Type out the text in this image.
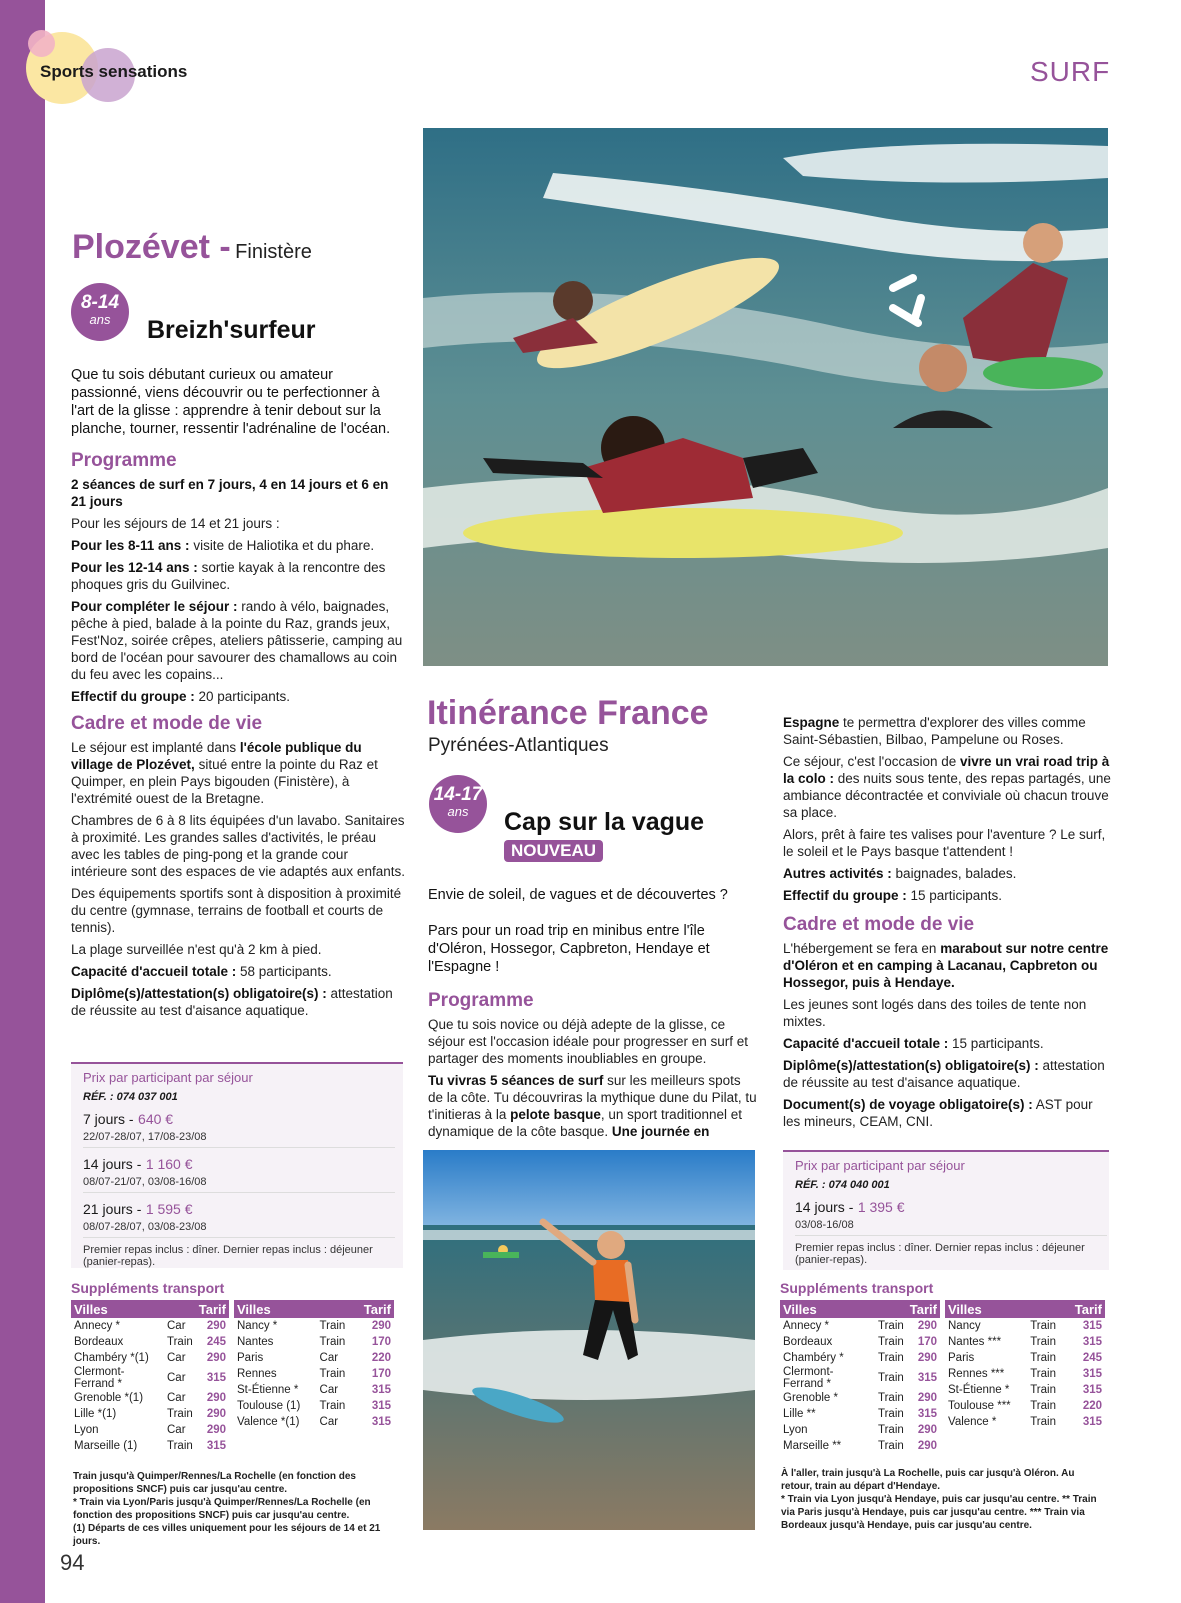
Sports sensations	SURF
Plozévet - Finistère
8-14
ans	Breizh'surfeur
Que tu sois débutant curieux ou amateur passionné, viens découvrir ou te perfectionner à l'art de la glisse : apprendre à tenir debout sur la planche, tourner, ressentir l'adrénaline de l'océan.
Programme

2 séances de surf en 7 jours, 4 en 14 jours et 6 en 21 jours

Pour les séjours de 14 et 21 jours :

Pour les 8-11 ans : visite de Haliotika et du phare.

Pour les 12-14 ans : sortie kayak à la rencontre des phoques gris du Guilvinec.

Pour compléter le séjour : rando à vélo, baignades, pêche à pied, balade à la pointe du Raz, grands jeux, Fest'Noz, soirée crêpes, ateliers pâtisserie, camping au bord de l'océan pour savourer des chamallows au coin du feu avec les copains...

Effectif du groupe : 20 participants.

Cadre et mode de vie

Le séjour est implanté dans l'école publique du village de Plozévet, situé entre la pointe du Raz et Quimper, en plein Pays bigouden (Finistère), à l'extrémité ouest de la Bretagne.

Chambres de 6 à 8 lits équipées d'un lavabo. Sanitaires à proximité. Les grandes salles d'activités, le préau avec les tables de ping-pong et la grande cour intérieure sont des espaces de vie adaptés aux enfants.

Des équipements sportifs sont à disposition à proximité du centre (gymnase, terrains de football et courts de tennis).

La plage surveillée n'est qu'à 2 km à pied.

Capacité d'accueil totale : 58 participants.

Diplôme(s)/attestation(s) obligatoire(s) : attestation de réussite au test d'aisance aquatique.

Prix par participant par séjour
RÉF. : 074 037 001
7 jours - 640 €
22/07-28/07, 17/08-23/08
14 jours - 1 160 €
08/07-21/07, 03/08-16/08
21 jours - 1 595 €
08/07-28/07, 03/08-23/08
Premier repas inclus : dîner. Dernier repas inclus : déjeuner (panier-repas).
Suppléments transport
Villes		Tarif
Annecy *	Car	290
Bordeaux	Train	245
Chambéry *(1)	Car	290
Clermont-Ferrand *	Car	315
Grenoble *(1)	Car	290
Lille *(1)	Train	290
Lyon	Car	290
Marseille (1)	Train	315
Villes		Tarif
Nancy *	Train	290
Nantes	Train	170
Paris	Car	220
Rennes	Train	170
St-Étienne *	Car	315
Toulouse (1)	Train	315
Valence *(1)	Car	315
Train jusqu'à Quimper/Rennes/La Rochelle (en fonction des propositions SNCF) puis car jusqu'au centre.
* Train via Lyon/Paris jusqu'à Quimper/Rennes/La Rochelle (en fonction des propositions SNCF) puis car jusqu'au centre.
(1) Départs de ces villes uniquement pour les séjours de 14 et 21 jours.
Itinérance France
Pyrénées-Atlantiques
14-17
ans	Cap sur la vague
NOUVEAU
Envie de soleil, de vagues et de découvertes ?
Pars pour un road trip en minibus entre l'île d'Oléron, Hossegor, Capbreton, Hendaye et l'Espagne !
Programme

Que tu sois novice ou déjà adepte de la glisse, ce séjour est l'occasion idéale pour progresser en surf et partager des moments inoubliables en groupe.

Tu vivras 5 séances de surf sur les meilleurs spots de la côte. Tu découvriras la mythique dune du Pilat, tu t'initieras à la pelote basque, un sport traditionnel et dynamique de la côte basque. Une journée en

Espagne te permettra d'explorer des villes comme Saint-Sébastien, Bilbao, Pampelune ou Roses.

Ce séjour, c'est l'occasion de vivre un vrai road trip à la colo : des nuits sous tente, des repas partagés, une ambiance décontractée et conviviale où chacun trouve sa place.

Alors, prêt à faire tes valises pour l'aventure ? Le surf, le soleil et le Pays basque t'attendent !

Autres activités : baignades, balades.

Effectif du groupe : 15 participants.

Cadre et mode de vie

L'hébergement se fera en marabout sur notre centre d'Oléron et en camping à Lacanau, Capbreton ou Hossegor, puis à Hendaye.

Les jeunes sont logés dans des toiles de tente non mixtes.

Capacité d'accueil totale : 15 participants.

Diplôme(s)/attestation(s) obligatoire(s) : attestation de réussite au test d'aisance aquatique.

Document(s) de voyage obligatoire(s) : AST pour les mineurs, CEAM, CNI.

Prix par participant par séjour
RÉF. : 074 040 001
14 jours - 1 395 €
03/08-16/08
Premier repas inclus : dîner. Dernier repas inclus : déjeuner (panier-repas).
Suppléments transport
Villes		Tarif
Annecy *	Train	290
Bordeaux	Train	170
Chambéry *	Train	290
Clermont-Ferrand *	Train	315
Grenoble *	Train	290
Lille **	Train	315
Lyon	Train	290
Marseille **	Train	290
Villes		Tarif
Nancy	Train	315
Nantes ***	Train	315
Paris	Train	245
Rennes ***	Train	315
St-Étienne *	Train	315
Toulouse ***	Train	220
Valence *	Train	315
À l'aller, train jusqu'à La Rochelle, puis car jusqu'à Oléron. Au retour, train au départ d'Hendaye.
* Train via Lyon jusqu'à Hendaye, puis car jusqu'au centre. ** Train via Paris jusqu'à Hendaye, puis car jusqu'au centre. *** Train via Bordeaux jusqu'à Hendaye, puis car jusqu'au centre.
94
